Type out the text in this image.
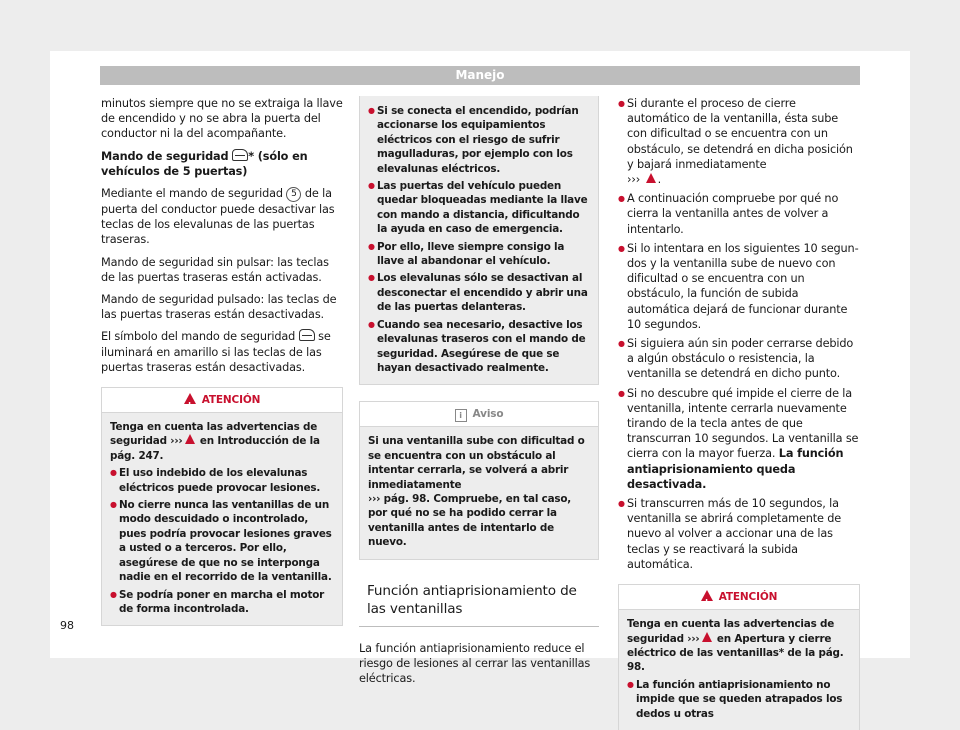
Manejo

minutos siempre que no se extraiga la llave de encendido y no se abra la puerta del conductor ni la del acompañante.

Mando de seguridad * (sólo en vehículos de 5 puertas)

Mediante el mando de seguridad 5 de la puerta del conductor puede desactivar las teclas de los elevalunas de las puertas traseras.

Mando de seguridad sin pulsar: las teclas de las puertas traseras están activadas.

Mando de seguridad pulsado: las teclas de las puertas traseras están desactivadas.

El símbolo del mando de seguridad  se iluminará en amarillo si las teclas de las puertas traseras están desactivadas.

!ATENCIÓN

Tenga en cuenta las advertencias de seguridad ››› en Introducción de la pág. 247.

● El uso indebido de los elevalunas eléctricos puede provocar lesiones.
● No cierre nunca las ventanillas de un modo descuidado o incontrolado, pues podría provocar lesiones graves a usted o a terceros. Por ello, asegúrese de que no se interponga nadie en el recorrido de la ventanilla.
● Se podría poner en marcha el motor de forma incontrolada.
● Si se conecta el encendido, podrían accionarse los equipamientos eléctricos con el riesgo de sufrir magulladuras, por ejemplo con los elevalunas eléctricos.
● Las puertas del vehículo pueden quedar bloqueadas mediante la llave con mando a distancia, dificultando la ayuda en caso de emergencia.
● Por ello, lleve siempre consigo la llave al abandonar el vehículo.
● Los elevalunas sólo se desactivan al desconectar el encendido y abrir una de las puertas delanteras.
● Cuando sea necesario, desactive los elevalunas traseros con el mando de seguridad. Asegúrese de que se hayan desactivado realmente.
i Aviso

Si una ventanilla sube con dificultad o se encuentra con un obstáculo al intentar cerrarla, se volverá a abrir inmediatamente
››› pág. 98. Compruebe, en tal caso, por qué no se ha podido cerrar la ventanilla antes de intentarlo de nuevo.

Función antiaprisionamiento de las ventanillas

La función antiaprisionamiento reduce el riesgo de lesiones al cerrar las ventanillas eléctricas.

● Si durante el proceso de cierre automático de la ventanilla, ésta sube con dificultad o se encuentra con un obstáculo, se detendrá en dicha posición y bajará inmediatamente
››› .
● A continuación compruebe por qué no cierra la ventanilla antes de volver a intentarlo.
● Si lo intentara en los siguientes 10 segundos y la ventanilla sube de nuevo con dificultad o se encuentra con un obstáculo, la función de subida automática dejará de funcionar durante 10 segundos.
● Si siguiera aún sin poder cerrarse debido a algún obstáculo o resistencia, la ventanilla se detendrá en dicho punto.
● Si no descubre qué impide el cierre de la ventanilla, intente cerrarla nuevamente tirando de la tecla antes de que transcurran 10 segundos. La ventanilla se cierra con la mayor fuerza. La función antiaprisionamiento queda desactivada.
● Si transcurren más de 10 segundos, la ventanilla se abrirá completamente de nuevo al volver a accionar una de las teclas y se reactivará la subida automática.
!ATENCIÓN

Tenga en cuenta las advertencias de seguridad ››› en Apertura y cierre eléctrico de las ventanillas* de la pág. 98.

● La función antiaprisionamiento no impide que se queden atrapados los dedos u otras
98
